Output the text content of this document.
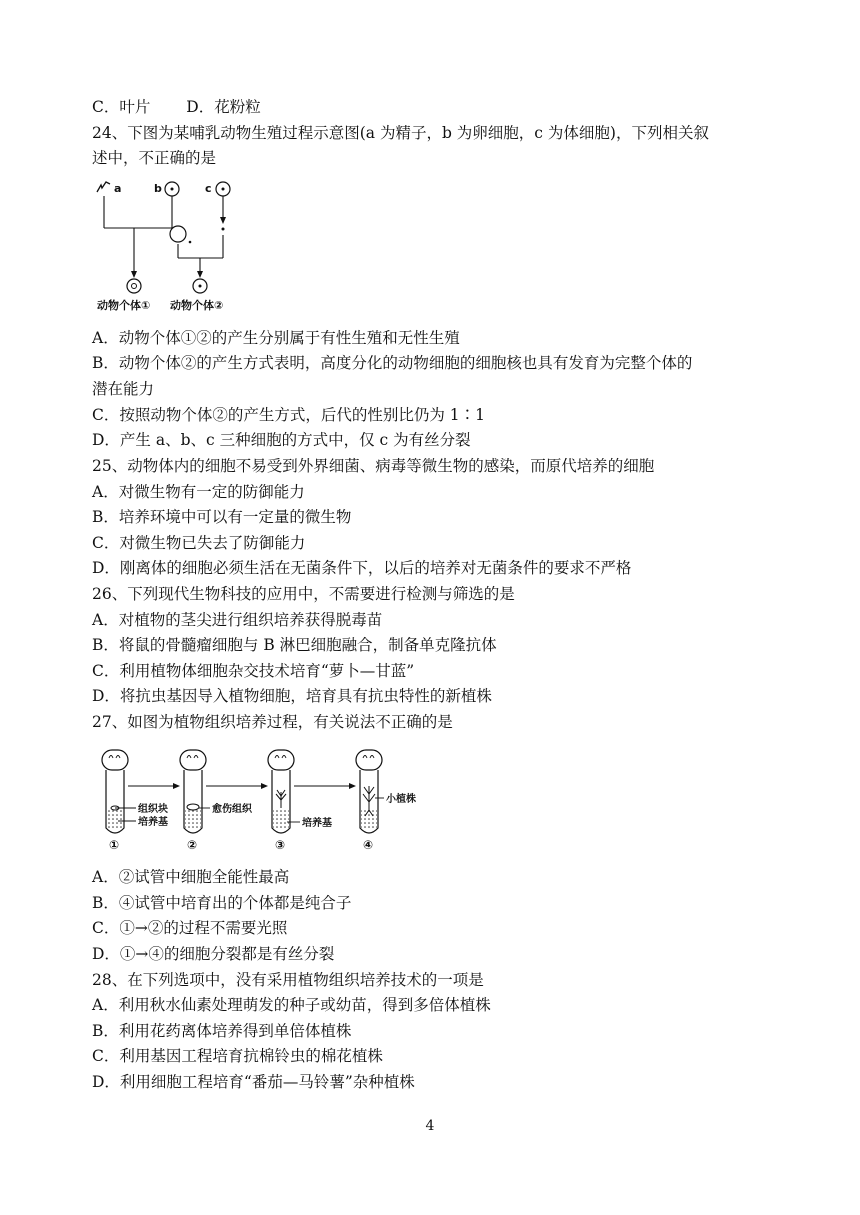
C．叶片　　 D．花粉粒
24、下图为某哺乳动物生殖过程示意图(a 为精子，b 为卵细胞，c 为体细胞)，下列相关叙
述中，不正确的是
a	b	c
动物个体① 动物个体②
A．动物个体①②的产生分别属于有性生殖和无性生殖
B．动物个体②的产生方式表明，高度分化的动物细胞的细胞核也具有发育为完整个体的
潜在能力
C．按照动物个体②的产生方式，后代的性别比仍为 1∶1
D．产生 a、b、c 三种细胞的方式中，仅 c 为有丝分裂
25、动物体内的细胞不易受到外界细菌、病毒等微生物的感染，而原代培养的细胞
A．对微生物有一定的防御能力
B．培养环境中可以有一定量的微生物
C．对微生物已失去了防御能力
D．刚离体的细胞必须生活在无菌条件下，以后的培养对无菌条件的要求不严格
26、下列现代生物科技的应用中，不需要进行检测与筛选的是
A．对植物的茎尖进行组织培养获得脱毒苗
B．将鼠的骨髓瘤细胞与 B 淋巴细胞融合，制备单克隆抗体
C．利用植物体细胞杂交技术培育“萝卜—甘蓝”
D．将抗虫基因导入植物细胞，培育具有抗虫特性的新植株
27、如图为植物组织培养过程，有关说法不正确的是
组织块
培养基
愈伤组织
培养基
小植株
①	②	③	④
A．②试管中细胞全能性最高
B．④试管中培育出的个体都是纯合子
C．①→②的过程不需要光照
D．①→④的细胞分裂都是有丝分裂
28、在下列选项中，没有采用植物组织培养技术的一项是
A．利用秋水仙素处理萌发的种子或幼苗，得到多倍体植株
B．利用花药离体培养得到单倍体植株
C．利用基因工程培育抗棉铃虫的棉花植株
D．利用细胞工程培育“番茄—马铃薯”杂种植株
4
